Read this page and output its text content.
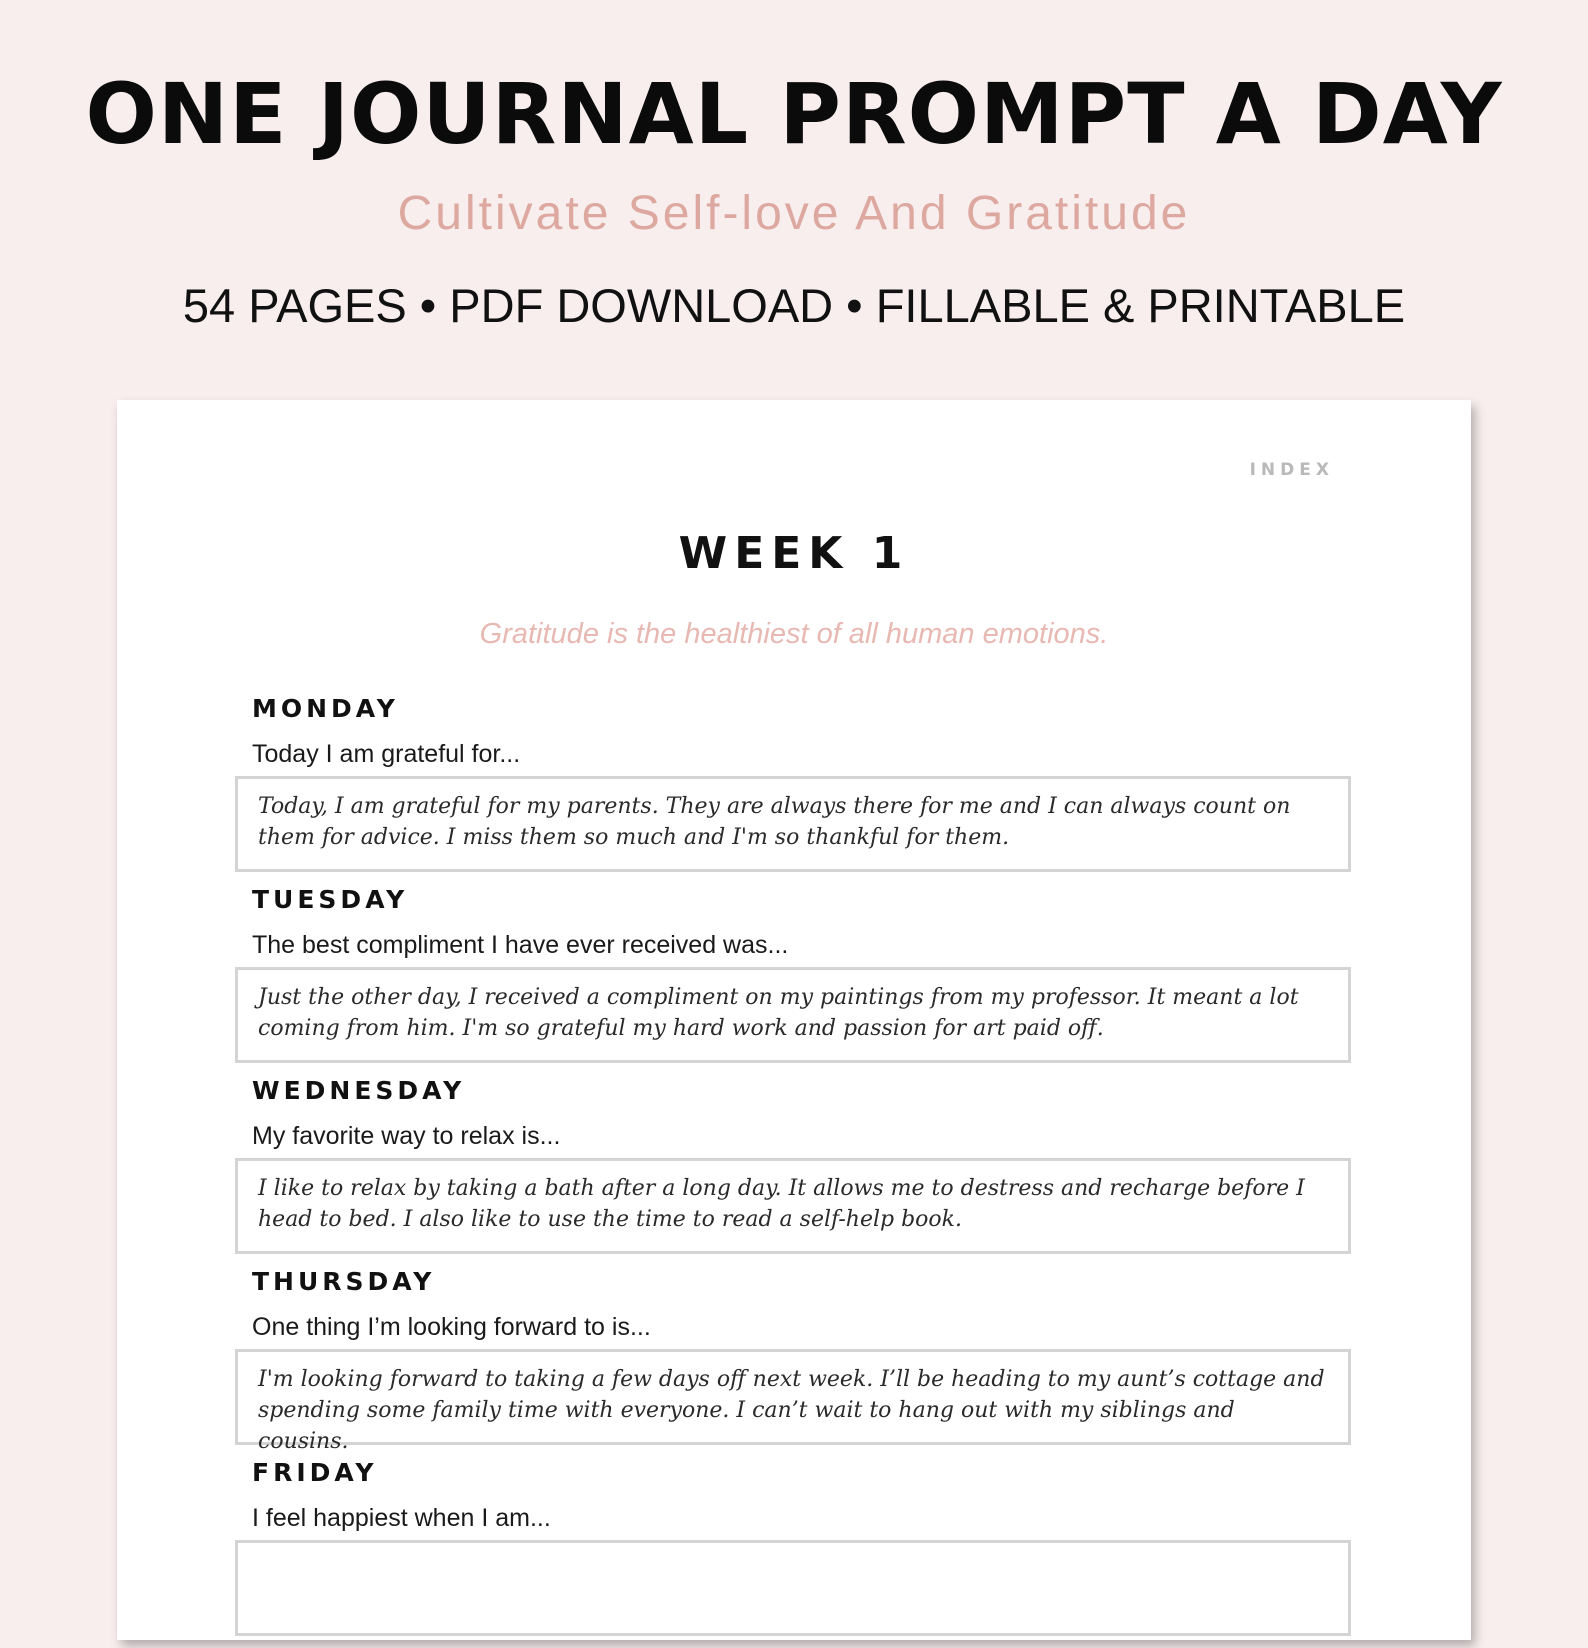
ONE JOURNAL PROMPT A DAY
Cultivate Self-love And Gratitude
54 PAGES • PDF DOWNLOAD • FILLABLE & PRINTABLE
INDEX
WEEK 1
Gratitude is the healthiest of all human emotions.
MONDAY
Today I am grateful for...
Today, I am grateful for my parents. They are always there for me and I can always count on them for advice. I miss them so much and I'm so thankful for them.
TUESDAY
The best compliment I have ever received was...
Just the other day, I received a compliment on my paintings from my professor. It meant a lot coming from him. I'm so grateful my hard work and passion for art paid off.
WEDNESDAY
My favorite way to relax is...
I like to relax by taking a bath after a long day. It allows me to destress and recharge before I head to bed. I also like to use the time to read a self-help book.
THURSDAY
One thing I’m looking forward to is...
I'm looking forward to taking a few days off next week. I’ll be heading to my aunt’s cottage and spending some family time with everyone. I can’t wait to hang out with my siblings and cousins.
FRIDAY
I feel happiest when I am...
